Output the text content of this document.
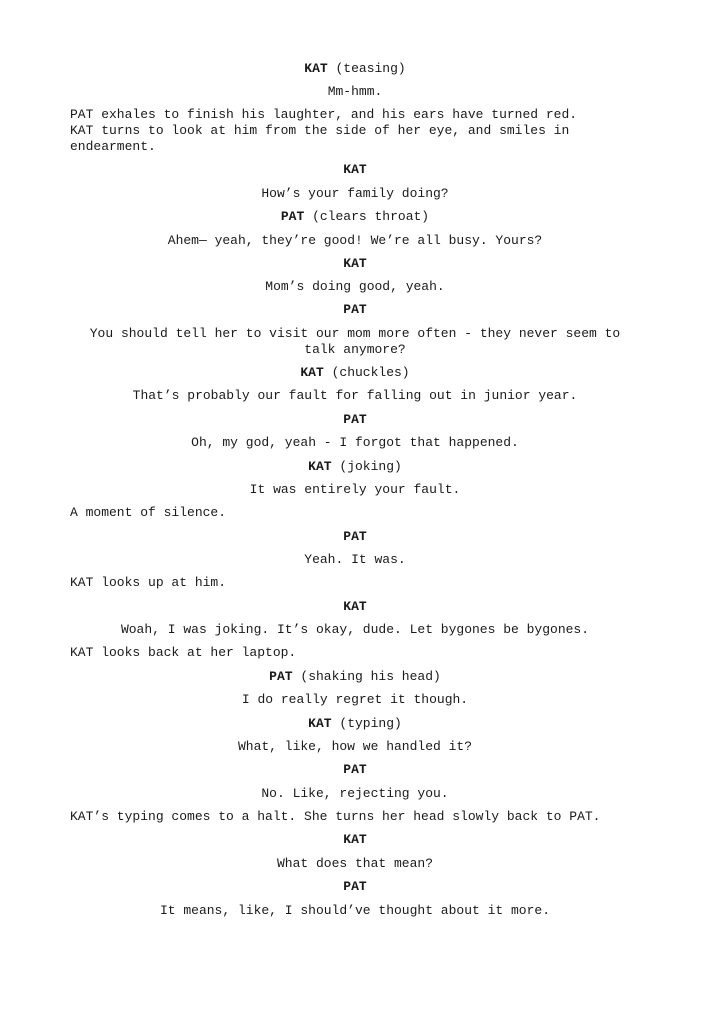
KAT (teasing)
Mm-hmm.
PAT exhales to finish his laughter, and his ears have turned red.
KAT turns to look at him from the side of her eye, and smiles in
endearment.
KAT
How’s your family doing?
PAT (clears throat)
Ahem— yeah, they’re good! We’re all busy. Yours?
KAT
Mom’s doing good, yeah.
PAT
You should tell her to visit our mom more often - they never seem to
talk anymore?
KAT (chuckles)
That’s probably our fault for falling out in junior year.
PAT
Oh, my god, yeah - I forgot that happened.
KAT (joking)
It was entirely your fault.
A moment of silence.
PAT
Yeah. It was.
KAT looks up at him.
KAT
Woah, I was joking. It’s okay, dude. Let bygones be bygones.
KAT looks back at her laptop.
PAT (shaking his head)
I do really regret it though.
KAT (typing)
What, like, how we handled it?
PAT
No. Like, rejecting you.
KAT’s typing comes to a halt. She turns her head slowly back to PAT.
KAT
What does that mean?
PAT
It means, like, I should’ve thought about it more.
